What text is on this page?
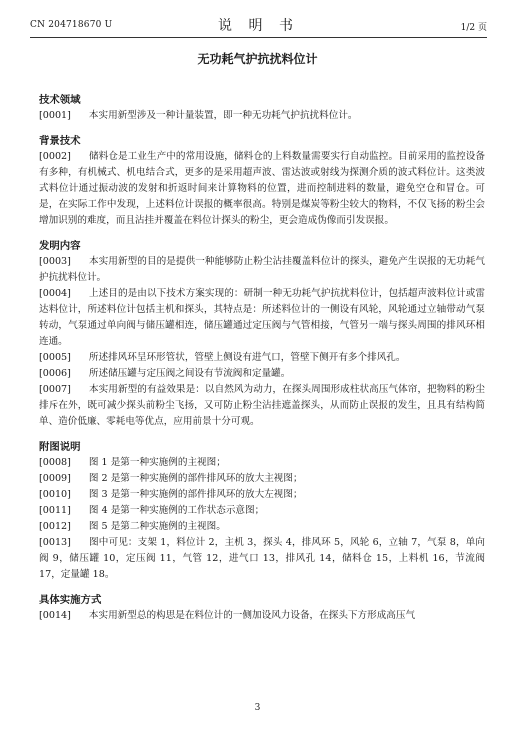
CN 204718670 U	说 明 书	1/2 页
无功耗气护抗扰料位计

技术领域

[0001] 本实用新型涉及一种计量装置，即一种无功耗气护抗扰料位计。

背景技术

[0002] 储料仓是工业生产中的常用设施，储料仓的上料数量需要实行自动监控。目前采用的监控设备有多种，有机械式、机电结合式，更多的是采用超声波、雷达波或射线为探测介质的波式料位计。这类波式料位计通过振动波的发射和折返时间来计算物料的位置，进而控制进料的数量，避免空仓和冒仓。可是，在实际工作中发现，上述料位计误报的概率很高。特别是煤炭等粉尘较大的物料，不仅飞扬的粉尘会增加识别的难度，而且沾挂并覆盖在料位计探头的粉尘，更会造成伪像而引发误报。

发明内容

[0003] 本实用新型的目的是提供一种能够防止粉尘沾挂覆盖料位计的探头，避免产生误报的无功耗气护抗扰料位计。

[0004] 上述目的是由以下技术方案实现的：研制一种无功耗气护抗扰料位计，包括超声波料位计或雷达料位计，所述料位计包括主机和探头，其特点是：所述料位计的一侧设有风轮，风轮通过立轴带动气泵转动，气泵通过单向阀与储压罐相连，储压罐通过定压阀与气管相接，气管另一端与探头周围的排风环相连通。

[0005] 所述排风环呈环形管状，管壁上侧设有进气口，管壁下侧开有多个排风孔。

[0006] 所述储压罐与定压阀之间设有节流阀和定量罐。

[0007] 本实用新型的有益效果是：以自然风为动力，在探头周围形成柱状高压气体帘，把物料的粉尘排斥在外，既可减少探头前粉尘飞扬，又可防止粉尘沾挂遮盖探头，从而防止误报的发生，且具有结构简单、造价低廉、零耗电等优点，应用前景十分可观。

附图说明

[0008] 图 1 是第一种实施例的主视图；

[0009] 图 2 是第一种实施例的部件排风环的放大主视图；

[0010] 图 3 是第一种实施例的部件排风环的放大左视图；

[0011] 图 4 是第一种实施例的工作状态示意图；

[0012] 图 5 是第二种实施例的主视图。

[0013] 图中可见：支架 1，料位计 2，主机 3，探头 4，排风环 5，风轮 6，立轴 7，气泵 8，单向阀 9，储压罐 10，定压阀 11，气管 12，进气口 13，排风孔 14，储料仓 15，上料机 16，节流阀 17，定量罐 18。

具体实施方式

[0014] 本实用新型总的构思是在料位计的一侧加设风力设备，在探头下方形成高压气

3
